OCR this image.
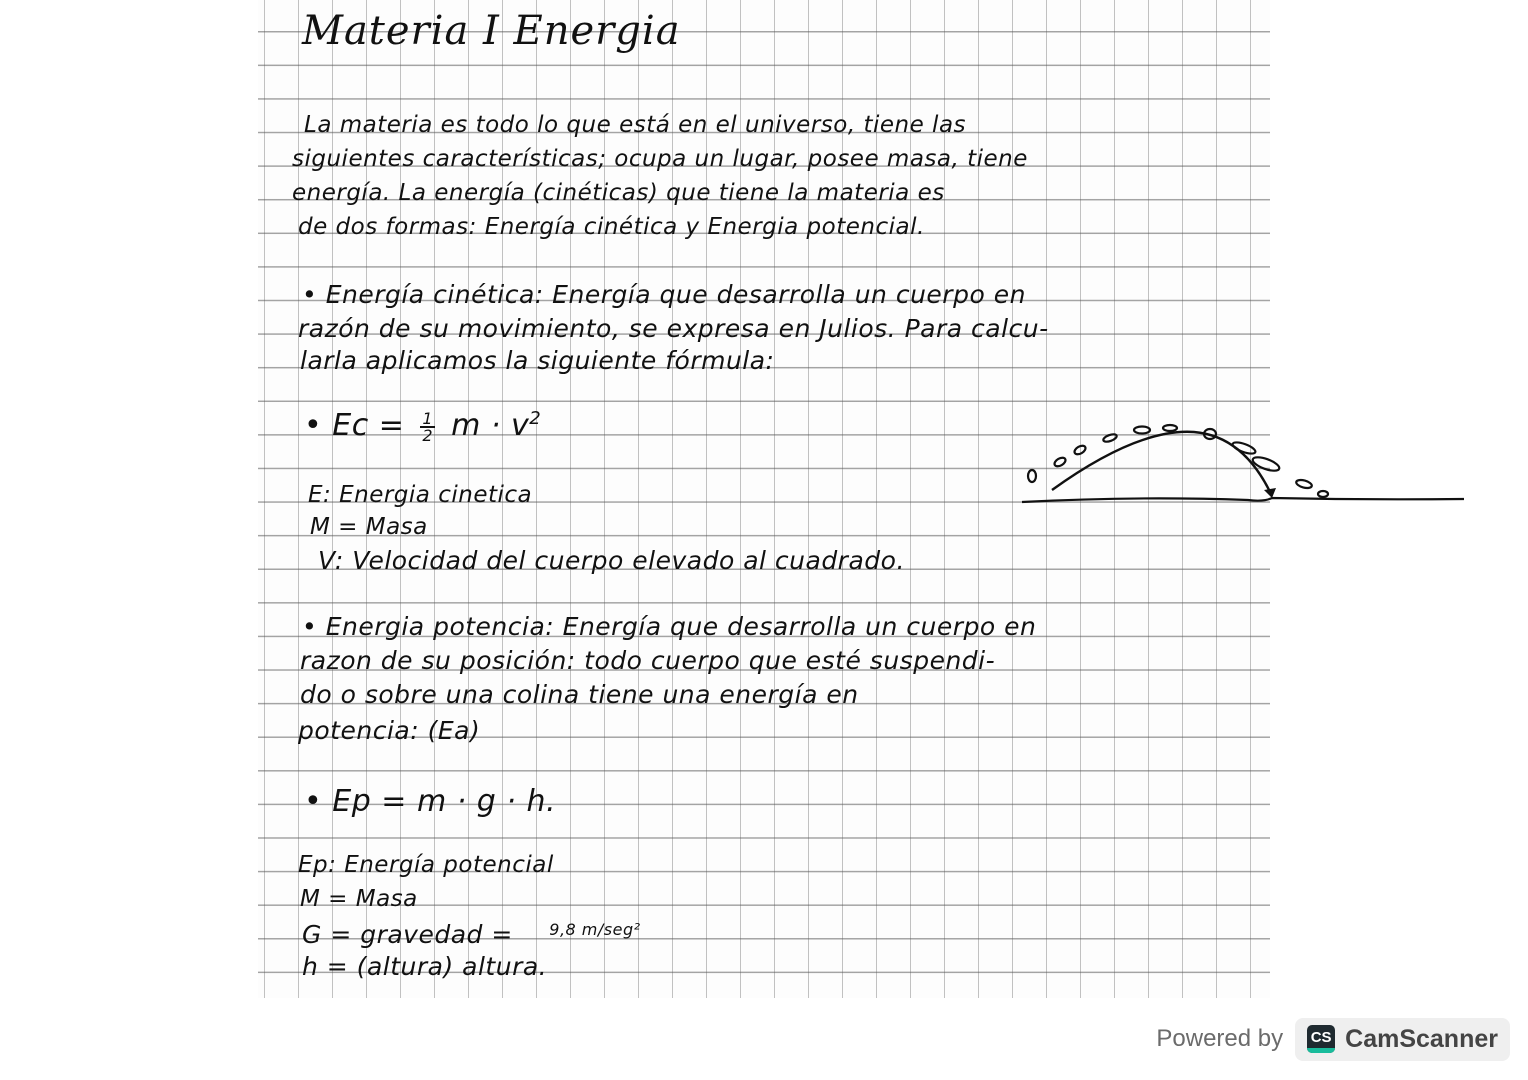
Materia I Energia
La materia es todo lo que está en el universo, tiene las
siguientes características; ocupa un lugar, posee masa, tiene
energía. La energía (cinéticas) que tiene la materia es
de dos formas: Energía cinética y Energia potencial.
• Energía cinética: Energía que desarrolla un cuerpo en
razón de su movimiento, se expresa en Julios. Para calcu-
larla aplicamos la siguiente fórmula:
• $Ec = \frac{1}{2}$ $m \cdot v^2$
E: Energia cinetica
M = Masa
V: Velocidad del cuerpo elevado al cuadrado.
• Energia potencia: Energía que desarrolla un cuerpo en
razon de su posición: todo cuerpo que esté suspendi-
do o sobre una colina tiene una energía en
potencia: (Ea)
• Ep = m · g · h.
Ep: Energía potencial
M = Masa
G = gravedad = $^{9,8 m/seg^2}$
h = (altura) altura.
Powered by CS CamScanner
